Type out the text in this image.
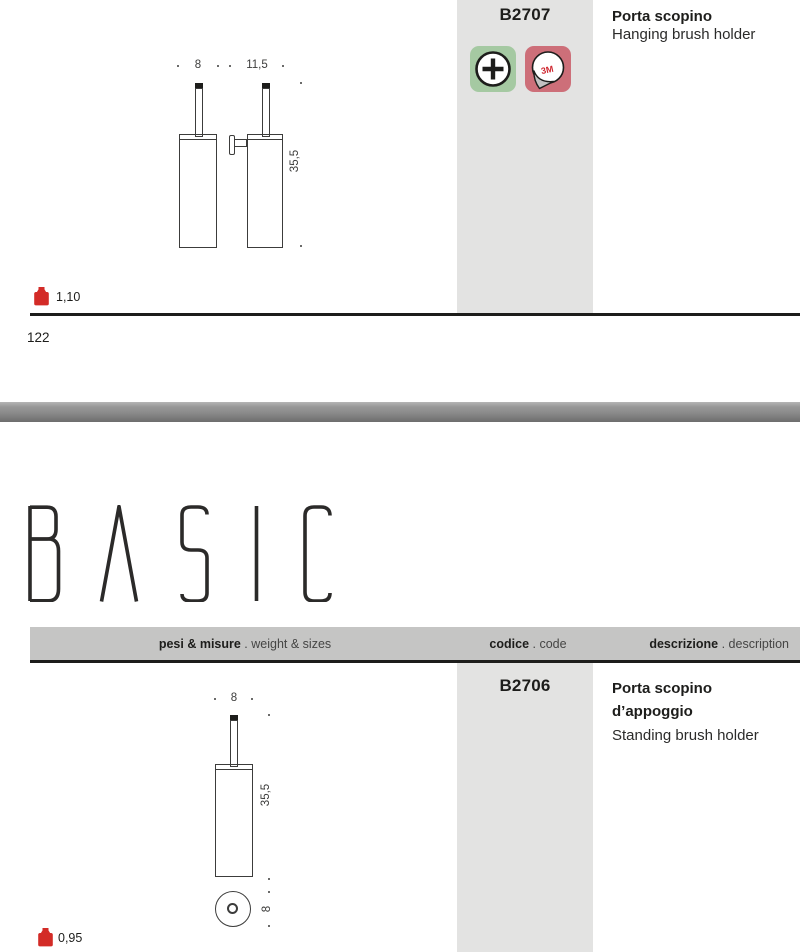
B2707
3M
Porta scopino
Hanging brush holder
8	11,5
35,5
1,10
122
pesi & misure . weight & sizes	codice . code	descrizione . description
B2706	Porta scopino
d’appoggio
Standing brush holder
8
35,5
8
0,95
